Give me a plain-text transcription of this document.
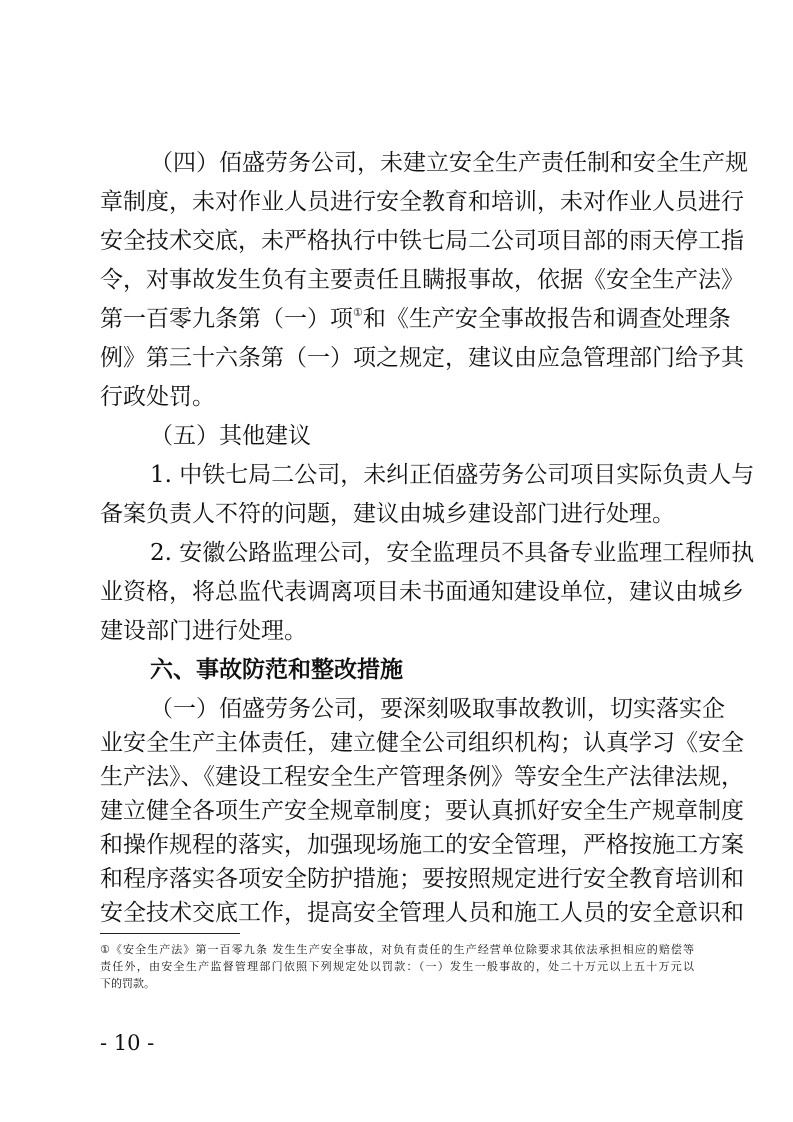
（四）佰盛劳务公司，未建立安全生产责任制和安全生产规
章制度，未对作业人员进行安全教育和培训，未对作业人员进行
安全技术交底，未严格执行中铁七局二公司项目部的雨天停工指
令，对事故发生负有主要责任且瞒报事故，依据《安全生产法》
第一百零九条第（一）项①和《生产安全事故报告和调查处理条
例》第三十六条第（一）项之规定，建议由应急管理部门给予其
行政处罚。
（五）其他建议
1. 中铁七局二公司，未纠正佰盛劳务公司项目实际负责人与
备案负责人不符的问题，建议由城乡建设部门进行处理。
2. 安徽公路监理公司，安全监理员不具备专业监理工程师执
业资格，将总监代表调离项目未书面通知建设单位，建议由城乡
建设部门进行处理。
六、事故防范和整改措施
（一）佰盛劳务公司，要深刻吸取事故教训，切实落实企
业安全生产主体责任，建立健全公司组织机构；认真学习《安全
生产法》、《建设工程安全生产管理条例》等安全生产法律法规，
建立健全各项生产安全规章制度；要认真抓好安全生产规章制度
和操作规程的落实，加强现场施工的安全管理，严格按施工方案
和程序落实各项安全防护措施；要按照规定进行安全教育培训和
①《安全生产法》第一百零九条 发生生产安全事故，对负有责任的生产经营单位除要求其依法承担相应的赔偿等
责任外，由安全生产监督管理部门依照下列规定处以罚款：（一）发生一般事故的，处二十万元以上五十万元以
下的罚款。
- 10 -
安全技术交底工作，提高安全管理人员和施工人员的安全意识和
